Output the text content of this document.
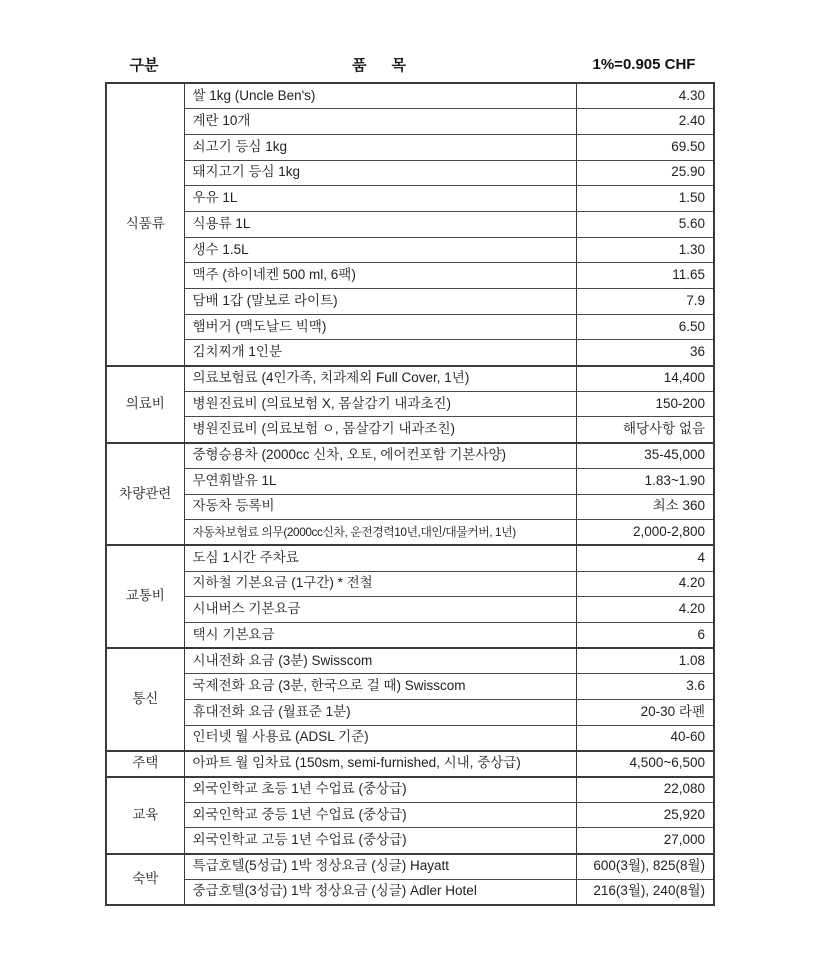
구분	품      목	1%=0.905 CHF
식품류	쌀 1kg (Uncle Ben's)	4.30
	계란 10개	2.40
	쇠고기 등심 1kg	69.50
	돼지고기 등심 1kg	25.90
	우유 1L	1.50
	식용류 1L	5.60
	생수 1.5L	1.30
	맥주 (하이네켄 500 ml, 6팩)	11.65
	담배 1갑 (말보로 라이트)	7.9
	햄버거 (맥도날드 빅맥)	6.50
	김치찌개 1인분	36
의료비	의료보험료 (4인가족, 치과제외 Full Cover, 1년)	14,400
	병원진료비 (의료보험 X, 몸살감기 내과초진)	150-200
	병원진료비 (의료보험 ㅇ, 몸살감기 내과조친)	해당사항 없음
차량관련	중형승용차 (2000cc 신차, 오토, 에어컨포함 기본사양)	35-45,000
	무연휘발유 1L	1.83~1.90
	자동차 등록비	최소 360
	자동차보험료 의무(2000cc신차, 운전경력10년,대인/대물커버, 1년)	2,000-2,800
교통비	도심 1시간 주차료	4
	지하철 기본요금 (1구간) * 전철	4.20
	시내버스 기본요금	4.20
	택시 기본요금	6
통신	시내전화 요금 (3분) Swisscom	1.08
	국제전화 요금 (3분, 한국으로 걸 때) Swisscom	3.6
	휴대전화 요금 (월표준 1분)	20-30 라펜
	인터넷 월 사용료 (ADSL 기준)	40-60
주택	아파트 월 임차료 (150sm, semi-furnished, 시내, 중상급)	4,500~6,500
교육	외국인학교 초등 1년 수업료 (중상급)	22,080
	외국인학교 중등 1년 수업료 (중상급)	25,920
	외국인학교 고등 1년 수업료 (중상급)	27,000
숙박	특급호텔(5성급) 1박 정상요금 (싱글) Hayatt	600(3월), 825(8월)
	중급호텔(3성급) 1박 정상요금 (싱글) Adler Hotel	216(3월), 240(8월)
